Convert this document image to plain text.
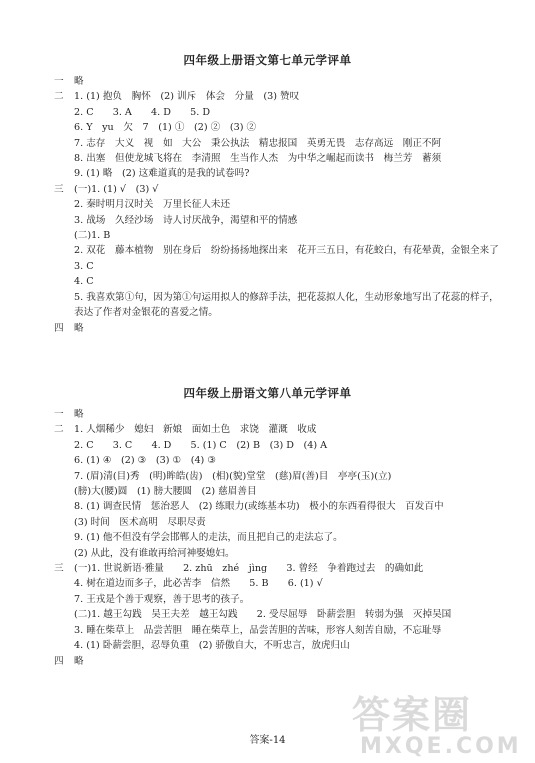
四年级上册语文第七单元学评单
一	略
二	1. (1) 抱负　胸怀　(2) 训斥　体会　分量　(3) 赞叹
2. C　　3. A　　4. D　　5. D
6. Y　yu　欠　7　(1) ①　(2) ②　(3) ②
7. 志存　大义　视　如　大公　秉公执法　精忠报国　英勇无畏　志存高远　刚正不阿
8. 出塞　但使龙城飞将在　李清照　生当作人杰　为中华之崛起而读书　梅兰芳　蓄须
9. (1) 略　(2) 这难道真的是我的试卷吗?
三	(一)1. (1) √　(3) √
2. 秦时明月汉时关　万里长征人未还
3. 战场　久经沙场　诗人讨厌战争，渴望和平的情感
(二)1. B
2. 双花　藤本植物　别在身后　纷纷扬扬地探出来　花开三五日，有花蛟白，有花晕黄，金银全来了
3. C
4. C
5. 我喜欢第①句，因为第①句运用拟人的修辞手法，把花蕊拟人化，生动形象地写出了花蕊的样子，表达了作者对金银花的喜爱之情。
四	略
四年级上册语文第八单元学评单
一	略
二	1. 人烟稀少　媳妇　新娘　面如土色　求饶　灌溉　收成
2. C　　3. C　　4. D　　5. (1) C　(2) B　(3) D　(4) A
6. (1) ④　(2) ③　(3) ①　(4) ③
7. (眉)清(目)秀　(明)眸皓(齿)　(相)(貌)堂堂　(慈)眉(善)目　亭亭(玉)(立)
(膀)大(腰)圆　(1) 膀大腰圆　(2) 慈眉善目
8. (1) 调查民情　惩治恶人　(2) 练眼力(或练基本功)　极小的东西看得很大　百发百中
(3) 时间　医术高明　尽职尽责
9. (1) 他不但没有学会邯郸人的走法，而且把自己的走法忘了。
(2) 从此，没有谁敢再给河神娶媳妇。
三	(一)1. 世说新语·雅量　　2. zhū　zhé　jìng　　3. 曾经　争着跑过去　的确如此
4. 树在道边而多子，此必苦李　信然　　5. B　　6. (1) √
7. 王戎是个善于观察，善于思考的孩子。
(二)1. 越王勾践　吴王夫差　越王勾践　　2. 受尽屈辱　卧薪尝胆　转弱为强　灭掉吴国
3. 睡在柴草上　品尝苦胆　睡在柴草上，品尝苦胆的苦味，形容人刻苦自励，不忘耻辱
4. (1) 卧薪尝胆，忍辱负重　(2) 骄傲自大，不听忠言，放虎归山
四	略
答案-14
答案圈
MXQE.COM
